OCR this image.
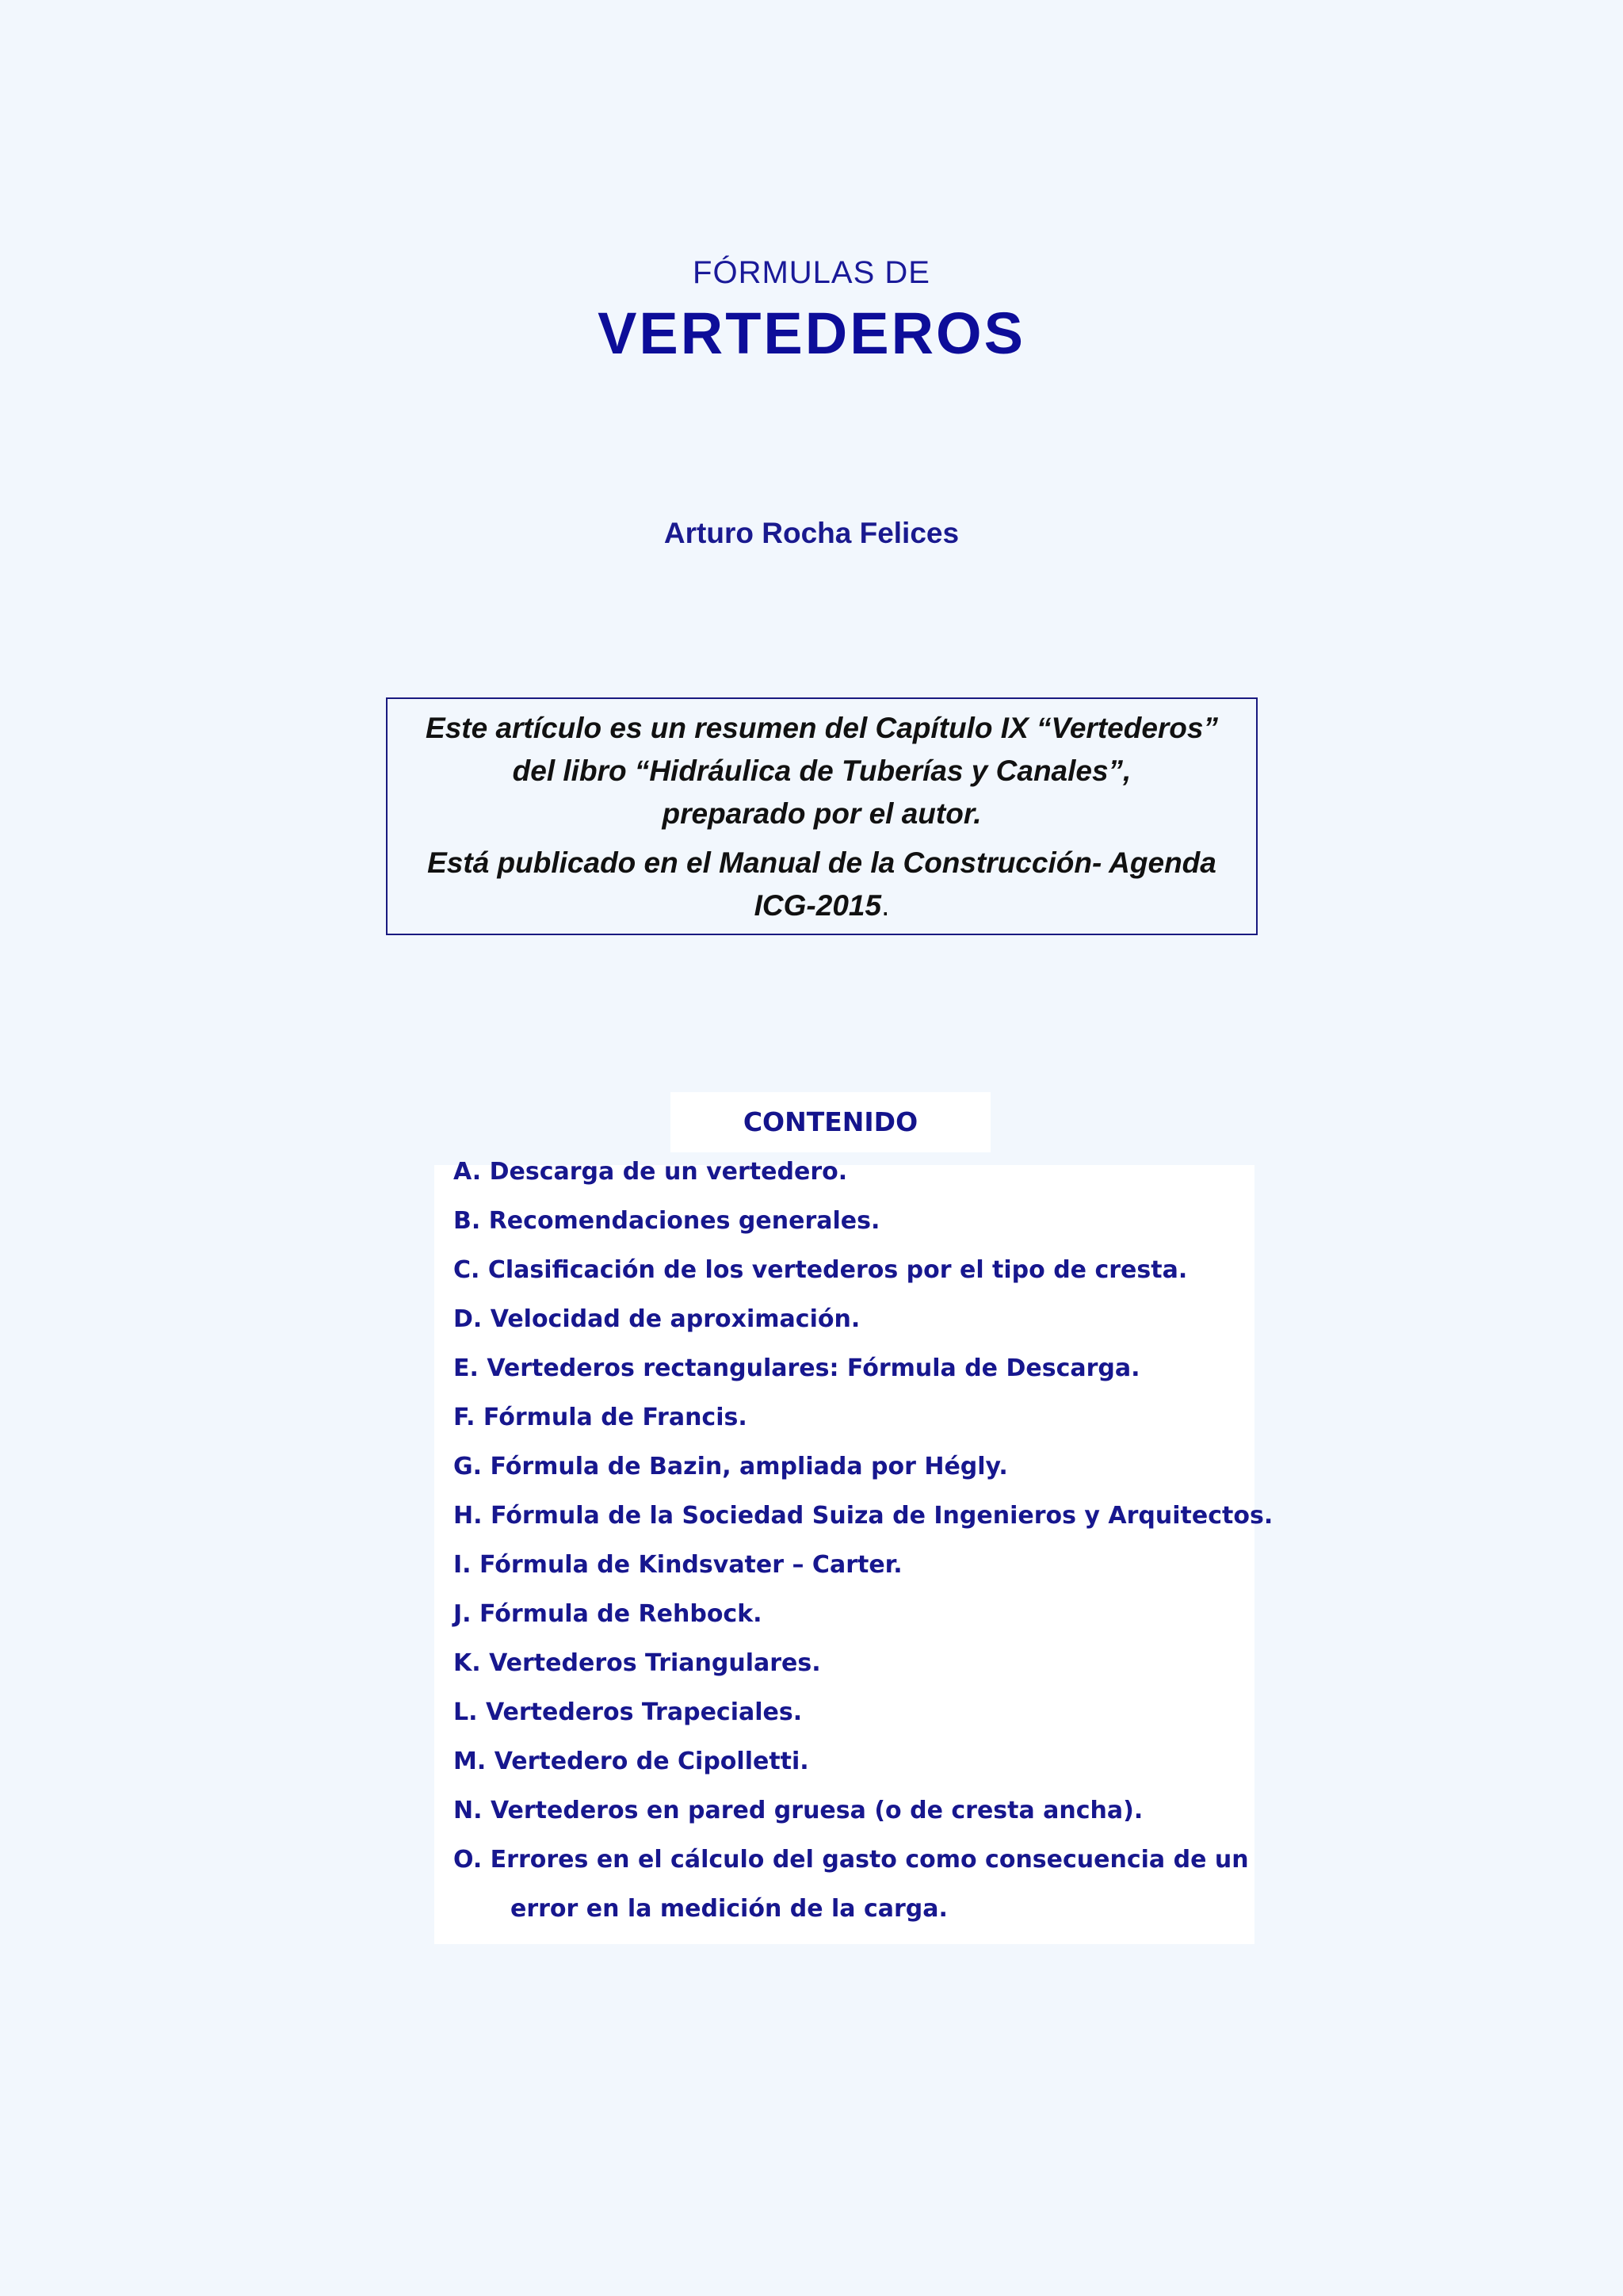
FÓRMULAS DE
VERTEDEROS
Arturo Rocha Felices

Este artículo es un resumen del Capítulo IX “Vertederos”
del libro “Hidráulica de Tuberías y Canales”,
preparado por el autor.

Está publicado en el Manual de la Construcción- Agenda
ICG-2015.

CONTENIDO
A. Descarga de un vertedero.
B. Recomendaciones generales.
C. Clasificación de los vertederos por el tipo de cresta.
D. Velocidad de aproximación.
E. Vertederos rectangulares: Fórmula de Descarga.
F. Fórmula de Francis.
G. Fórmula de Bazin, ampliada por Hégly.
H. Fórmula de la Sociedad Suiza de Ingenieros y Arquitectos.
I. Fórmula de Kindsvater – Carter.
J. Fórmula de Rehbock.
K. Vertederos Triangulares.
L. Vertederos Trapeciales.
M. Vertedero de Cipolletti.
N. Vertederos en pared gruesa (o de cresta ancha).
O. Errores en el cálculo del gasto como consecuencia de un
error en la medición de la carga.
